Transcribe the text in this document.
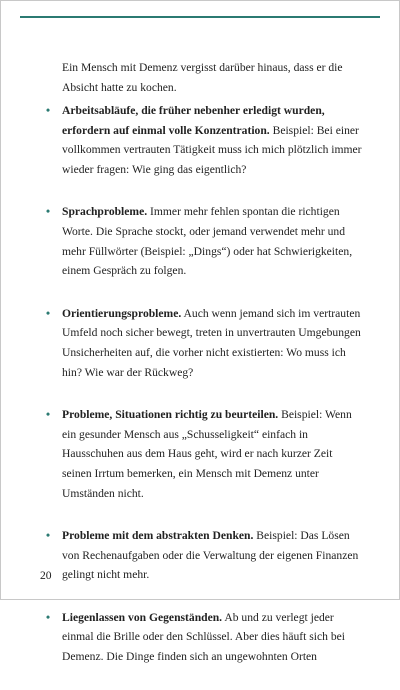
Ein Mensch mit Demenz vergisst darüber hinaus, dass er die Absicht hatte zu kochen.

• Arbeitsabläufe, die früher nebenher erledigt wurden, erfordern auf einmal volle Konzentration. Beispiel: Bei einer vollkommen vertrauten Tätigkeit muss ich mich plötzlich immer wieder fragen: Wie ging das eigentlich?
• Sprachprobleme. Immer mehr fehlen spontan die richtigen Worte. Die Sprache stockt, oder jemand verwendet mehr und mehr Füllwörter (Beispiel: „Dings“) oder hat Schwierigkeiten, einem Gespräch zu folgen.
• Orientierungsprobleme. Auch wenn jemand sich im vertrauten Umfeld noch sicher bewegt, treten in unvertrauten Umgebungen Unsicherheiten auf, die vorher nicht existierten: Wo muss ich hin? Wie war der Rückweg?
• Probleme, Situationen richtig zu beurteilen. Beispiel: Wenn ein gesunder Mensch aus „Schusseligkeit“ einfach in Hausschuhen aus dem Haus geht, wird er nach kurzer Zeit seinen Irrtum bemerken, ein Mensch mit Demenz unter Umständen nicht.
• Probleme mit dem abstrakten Denken. Beispiel: Das Lösen von Rechenaufgaben oder die Verwaltung der eigenen Finanzen gelingt nicht mehr.
• Liegenlassen von Gegenständen. Ab und zu verlegt jeder einmal die Brille oder den Schlüssel. Aber dies häuft sich bei Demenz. Die Dinge finden sich an ungewohnten Orten
20
